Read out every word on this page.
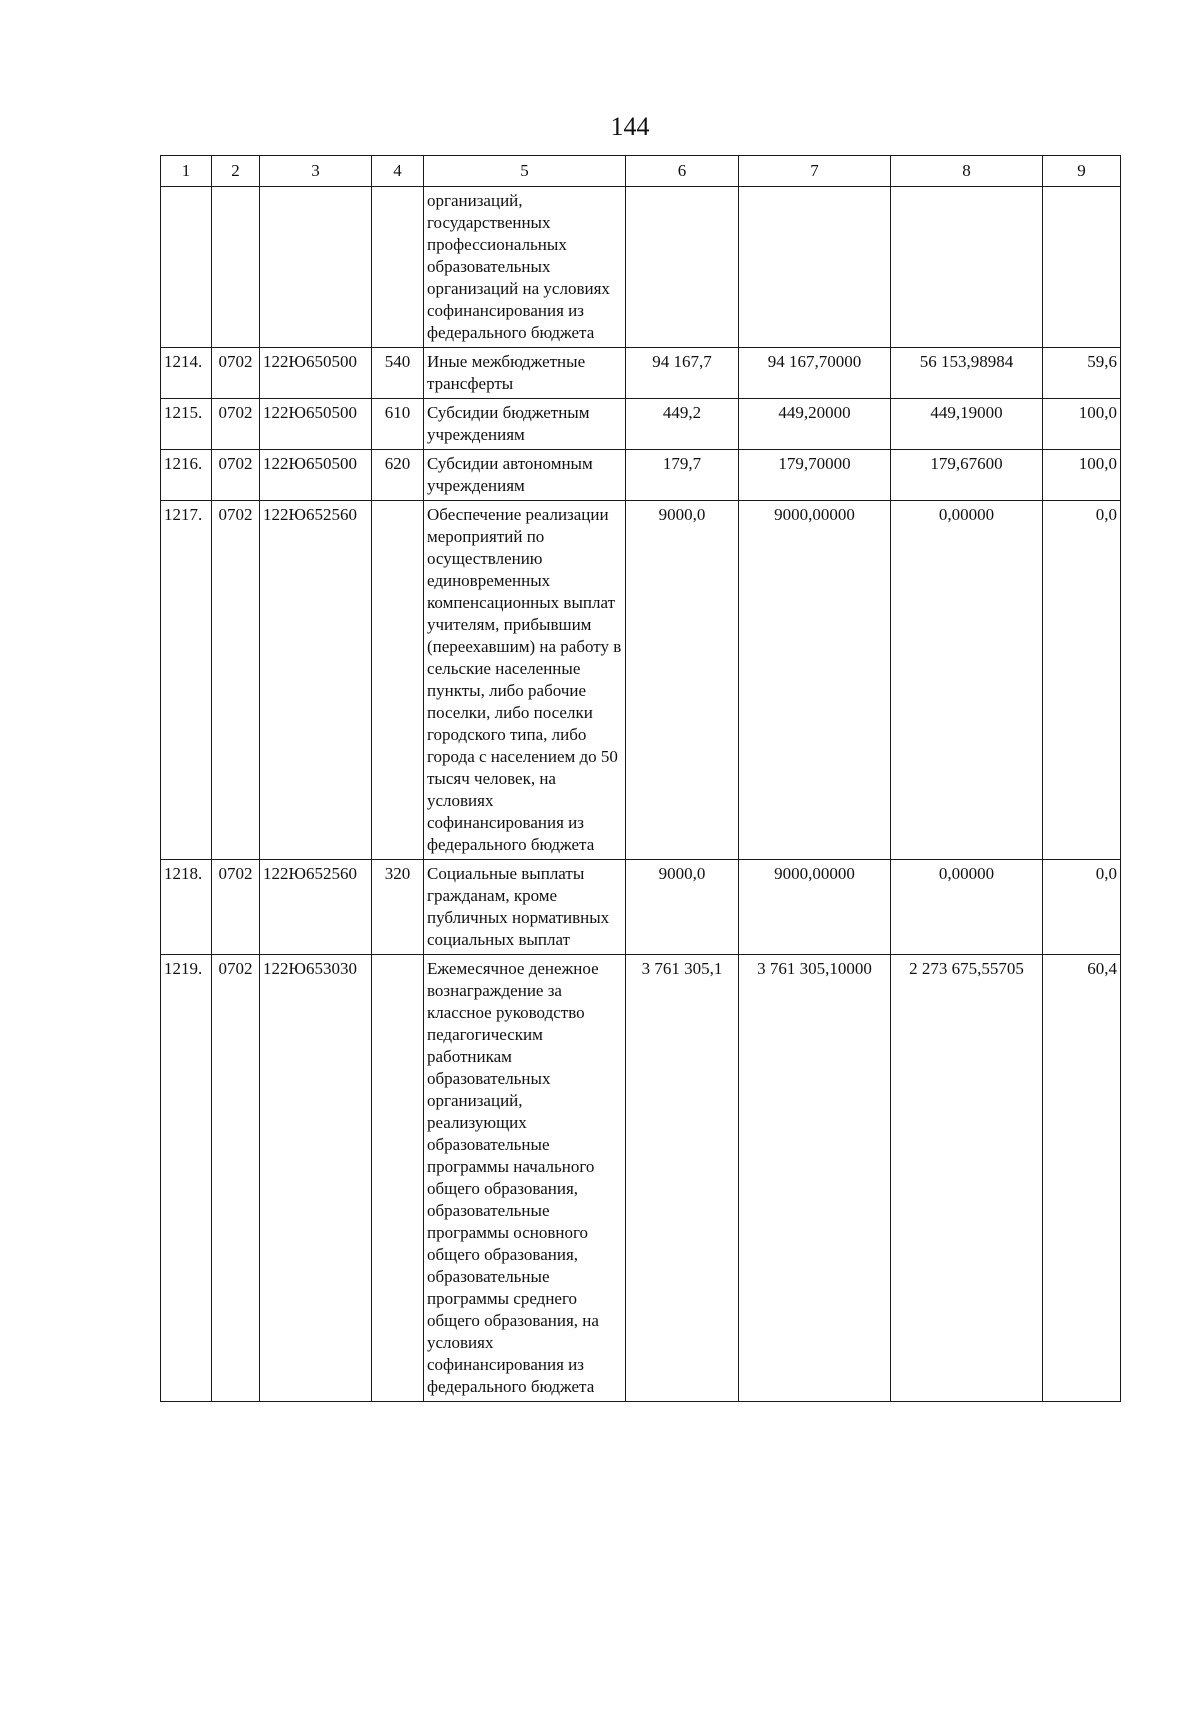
144
1	2	3	4	5	6	7	8	9
				организаций, государственных профессиональных образовательных организаций на условиях софинансирования из федерального бюджета				
1214.	0702	122Ю650500	540	Иные межбюджетные трансферты	94 167,7	94 167,70000	56 153,98984	59,6
1215.	0702	122Ю650500	610	Субсидии бюджетным учреждениям	449,2	449,20000	449,19000	100,0
1216.	0702	122Ю650500	620	Субсидии автономным учреждениям	179,7	179,70000	179,67600	100,0
1217.	0702	122Ю652560		Обеспечение реализации мероприятий по осуществлению единовременных компенсационных выплат учителям, прибывшим (переехавшим) на работу в сельские населенные пункты, либо рабочие поселки, либо поселки городского типа, либо города с населением до 50 тысяч человек, на условиях софинансирования из федерального бюджета	9000,0	9000,00000	0,00000	0,0
1218.	0702	122Ю652560	320	Социальные выплаты гражданам, кроме публичных нормативных социальных выплат	9000,0	9000,00000	0,00000	0,0
1219.	0702	122Ю653030		Ежемесячное денежное вознаграждение за классное руководство педагогическим работникам образовательных организаций, реализующих образовательные программы начального общего образования, образовательные программы основного общего образования, образовательные программы среднего общего образования, на условиях софинансирования из федерального бюджета	3 761 305,1	3 761 305,10000	2 273 675,55705	60,4
